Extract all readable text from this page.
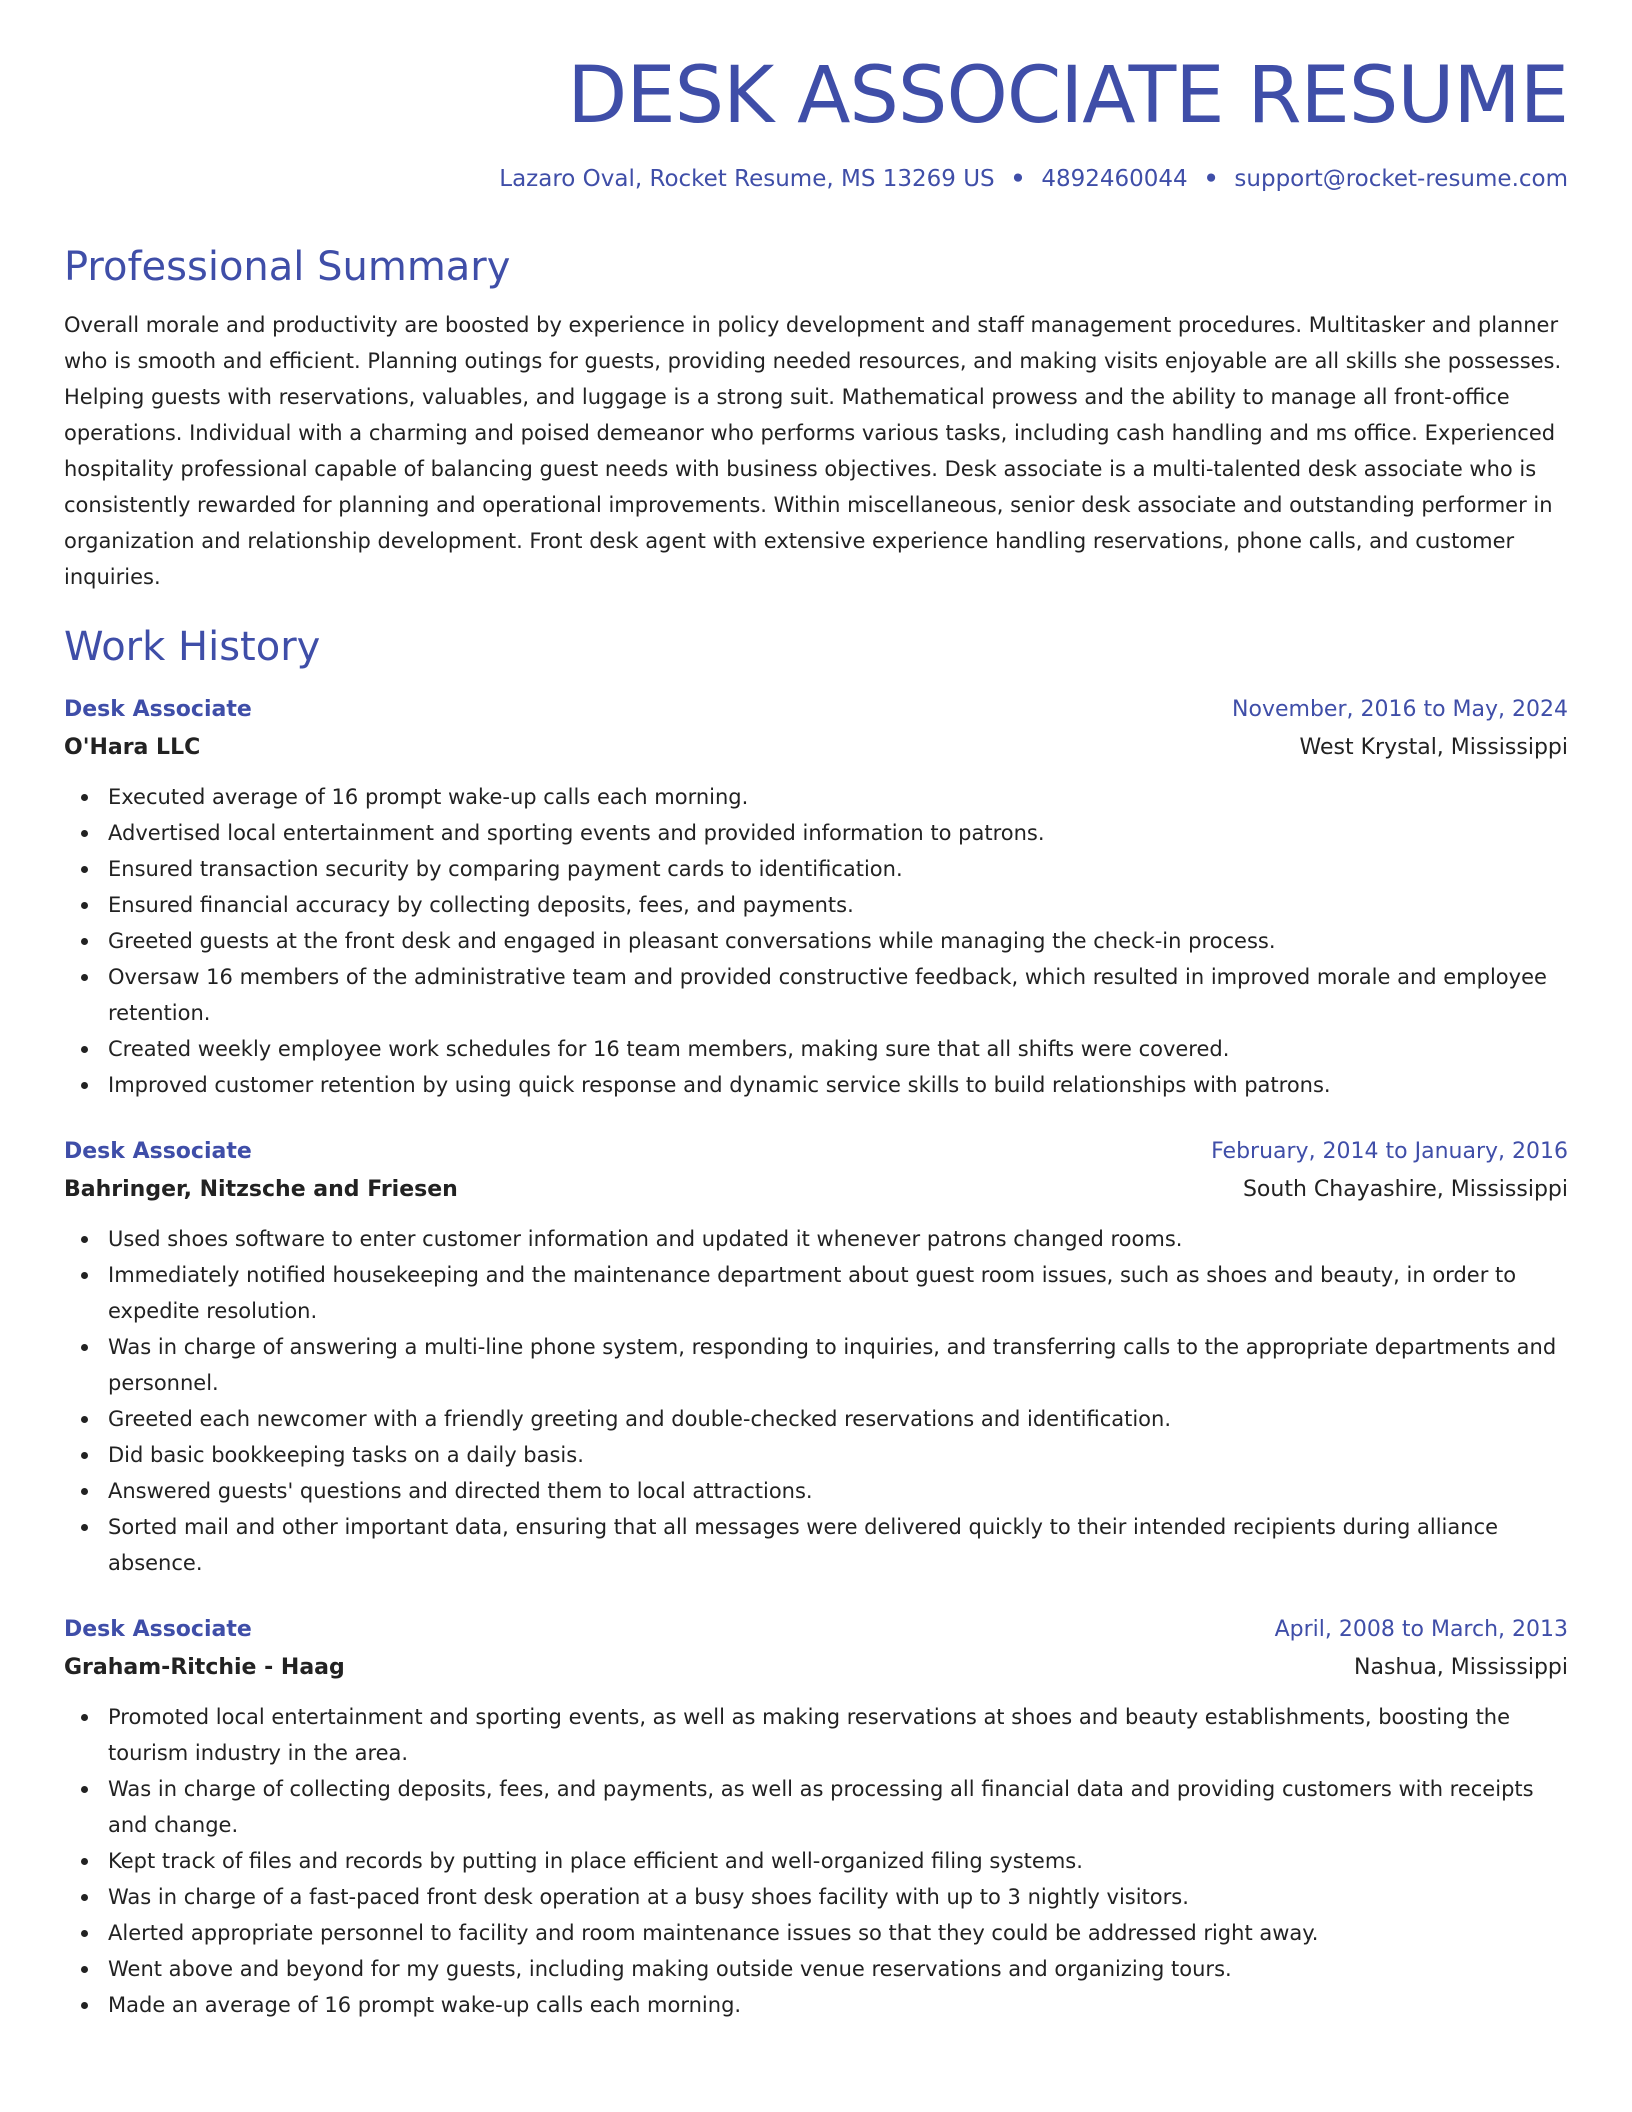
DESK ASSOCIATE RESUME
Lazaro Oval, Rocket Resume, MS 13269 US • 4892460044 • support@rocket-resume.com
Professional Summary

Overall morale and productivity are boosted by experience in policy development and staff management procedures. Multitasker and planner who is smooth and efficient. Planning outings for guests, providing needed resources, and making visits enjoyable are all skills she possesses. Helping guests with reservations, valuables, and luggage is a strong suit. Mathematical prowess and the ability to manage all front-office operations. Individual with a charming and poised demeanor who performs various tasks, including cash handling and ms office. Experienced hospitality professional capable of balancing guest needs with business objectives. Desk associate is a multi-talented desk associate who is consistently rewarded for planning and operational improvements. Within miscellaneous, senior desk associate and outstanding performer in organization and relationship development. Front desk agent with extensive experience handling reservations, phone calls, and customer inquiries.

Work History
Desk Associate	November, 2016 to May, 2024
O'Hara LLC	West Krystal, Mississippi
Executed average of 16 prompt wake-up calls each morning.
Advertised local entertainment and sporting events and provided information to patrons.
Ensured transaction security by comparing payment cards to identification.
Ensured financial accuracy by collecting deposits, fees, and payments.
Greeted guests at the front desk and engaged in pleasant conversations while managing the check-in process.
Oversaw 16 members of the administrative team and provided constructive feedback, which resulted in improved morale and employee retention.
Created weekly employee work schedules for 16 team members, making sure that all shifts were covered.
Improved customer retention by using quick response and dynamic service skills to build relationships with patrons.
Desk Associate	February, 2014 to January, 2016
Bahringer, Nitzsche and Friesen	South Chayashire, Mississippi
Used shoes software to enter customer information and updated it whenever patrons changed rooms.
Immediately notified housekeeping and the maintenance department about guest room issues, such as shoes and beauty, in order to expedite resolution.
Was in charge of answering a multi-line phone system, responding to inquiries, and transferring calls to the appropriate departments and personnel.
Greeted each newcomer with a friendly greeting and double-checked reservations and identification.
Did basic bookkeeping tasks on a daily basis.
Answered guests' questions and directed them to local attractions.
Sorted mail and other important data, ensuring that all messages were delivered quickly to their intended recipients during alliance absence.
Desk Associate	April, 2008 to March, 2013
Graham-Ritchie - Haag	Nashua, Mississippi
Promoted local entertainment and sporting events, as well as making reservations at shoes and beauty establishments, boosting the tourism industry in the area.
Was in charge of collecting deposits, fees, and payments, as well as processing all financial data and providing customers with receipts and change.
Kept track of files and records by putting in place efficient and well-organized filing systems.
Was in charge of a fast-paced front desk operation at a busy shoes facility with up to 3 nightly visitors.
Alerted appropriate personnel to facility and room maintenance issues so that they could be addressed right away.
Went above and beyond for my guests, including making outside venue reservations and organizing tours.
Made an average of 16 prompt wake-up calls each morning.
